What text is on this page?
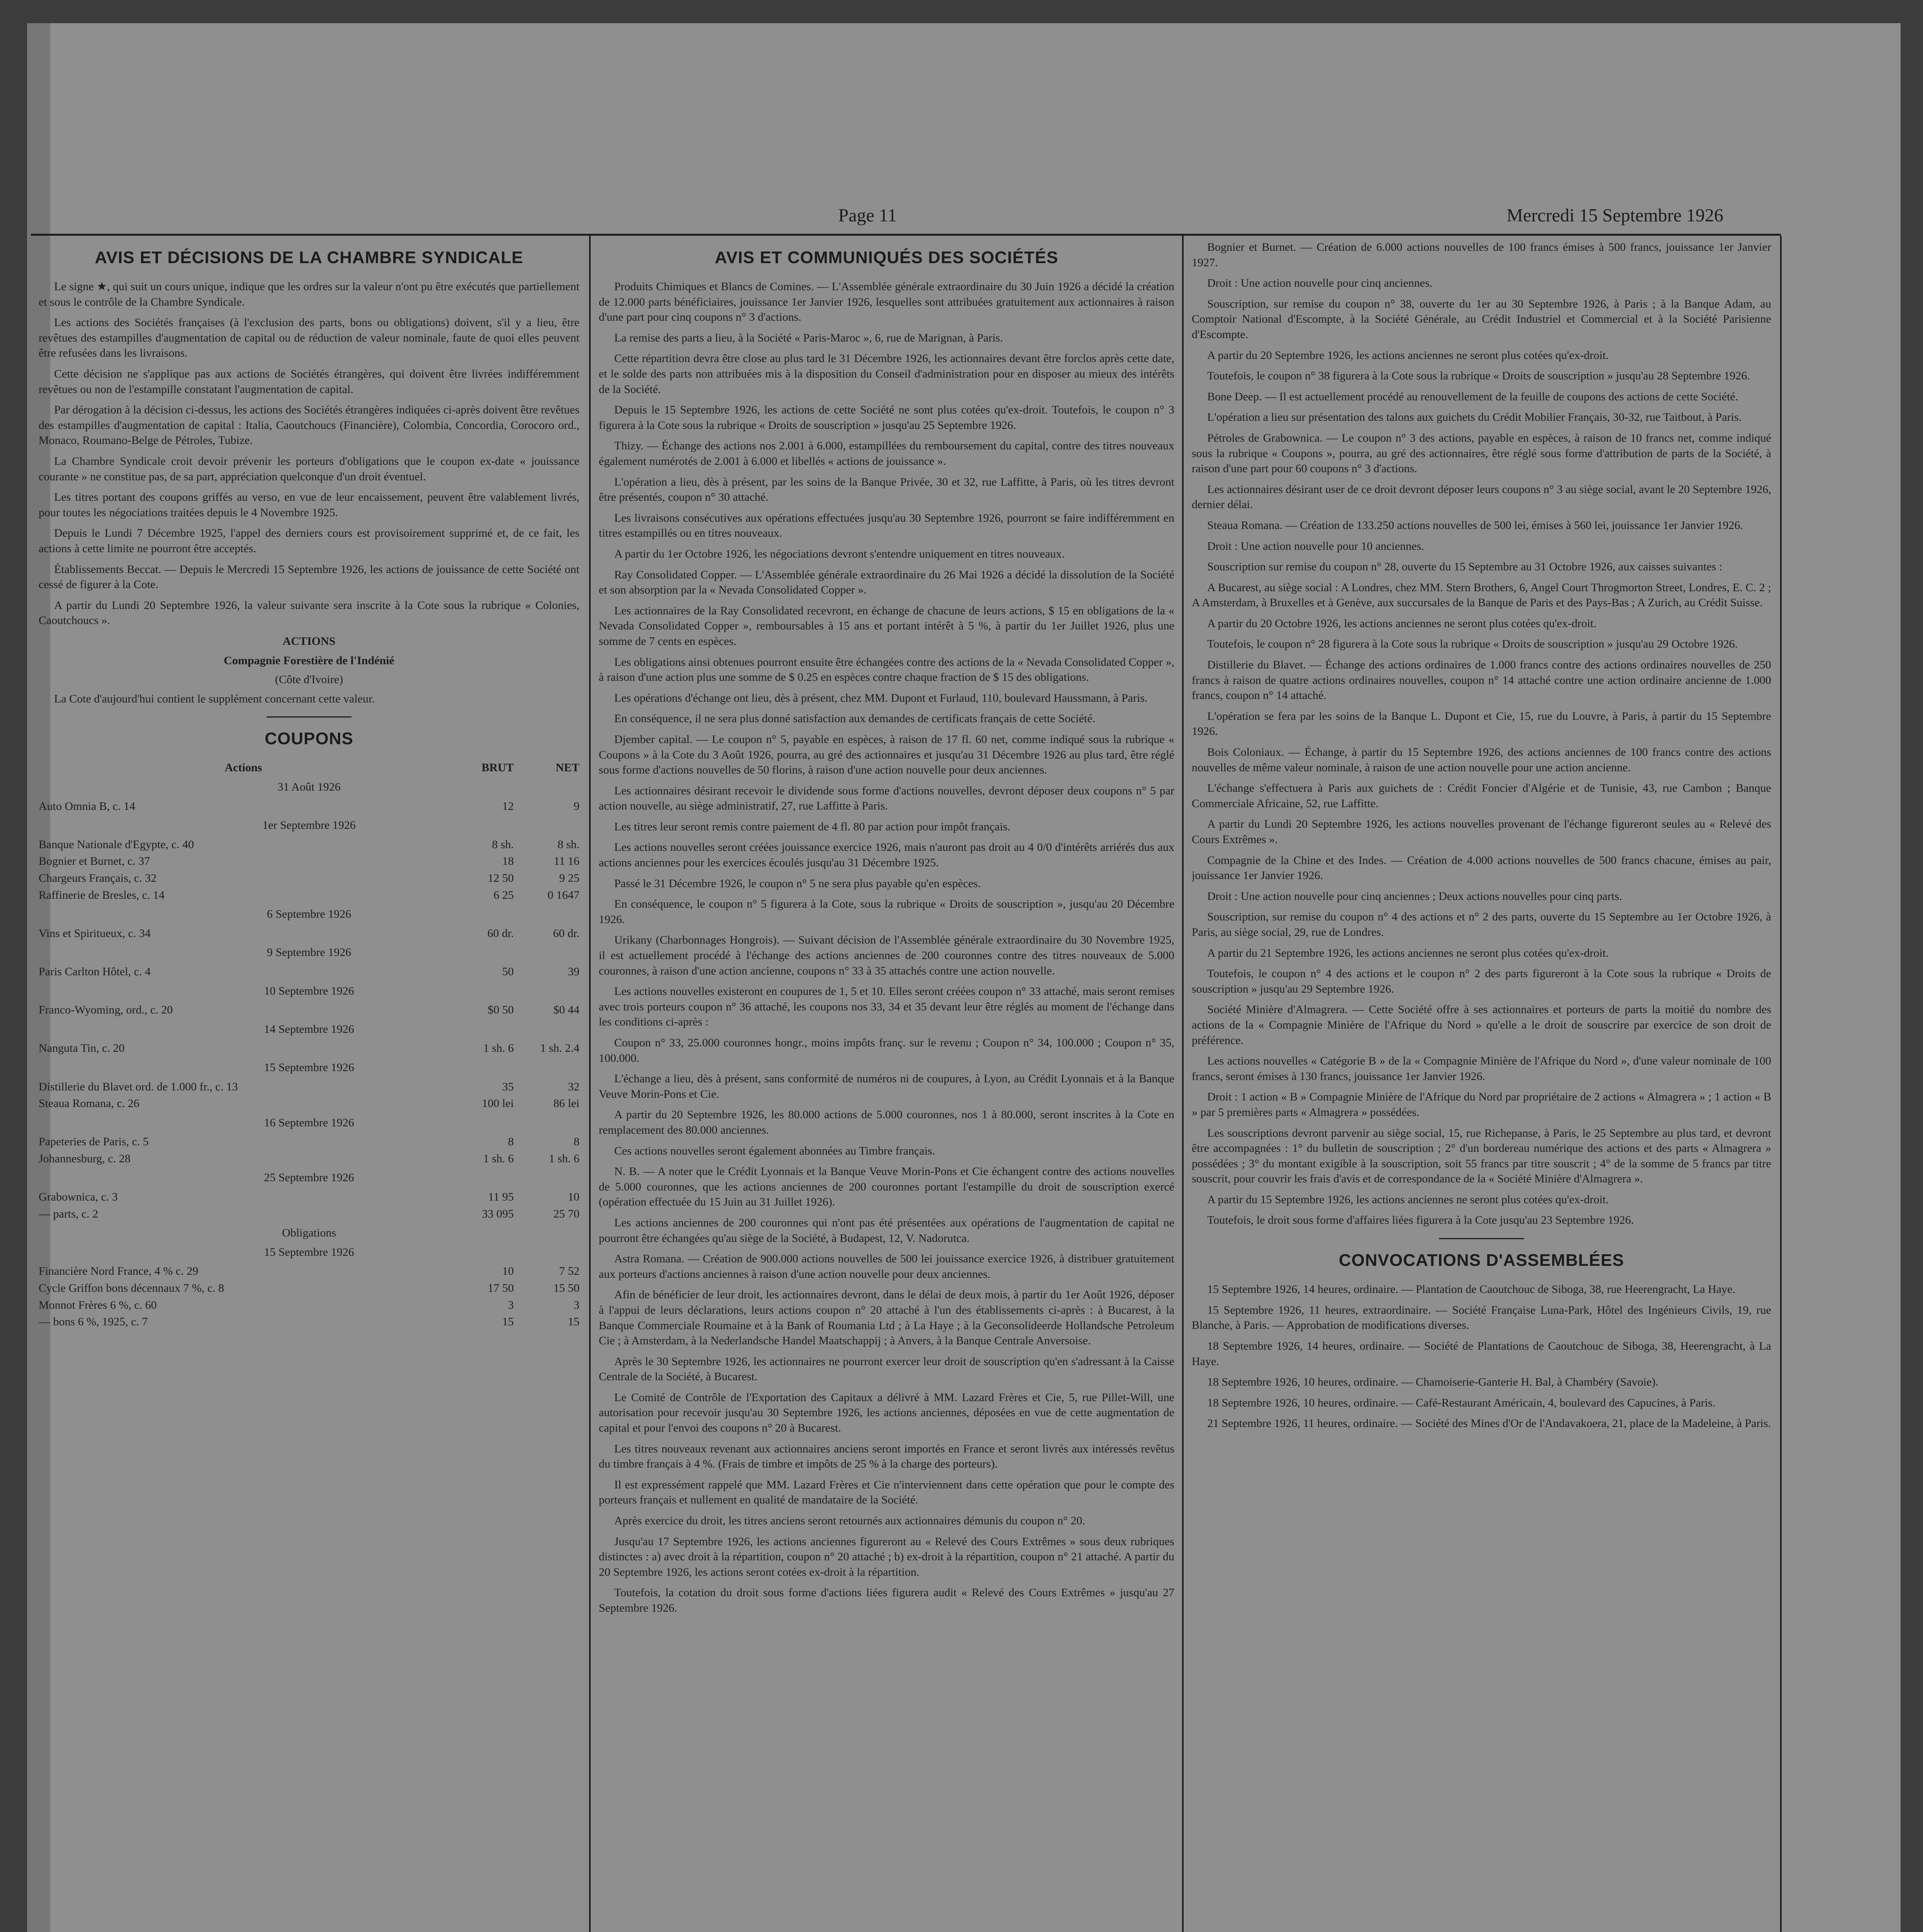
Page 11	Mercredi 15 Septembre 1926
AVIS ET DÉCISIONS DE LA CHAMBRE SYNDICALE

Le signe ★, qui suit un cours unique, indique que les ordres sur la valeur n'ont pu être exécutés que partiellement et sous le contrôle de la Chambre Syndicale.

Les actions des Sociétés françaises (à l'exclusion des parts, bons ou obligations) doivent, s'il y a lieu, être revêtues des estampilles d'augmentation de capital ou de réduction de valeur nominale, faute de quoi elles peuvent être refusées dans les livraisons.

Cette décision ne s'applique pas aux actions de Sociétés étrangères, qui doivent être livrées indifféremment revêtues ou non de l'estampille constatant l'augmentation de capital.

Par dérogation à la décision ci-dessus, les actions des Sociétés étrangères indiquées ci-après doivent être revêtues des estampilles d'augmentation de capital : Italia, Caoutchoucs (Financière), Colombia, Concordia, Corocoro ord., Monaco, Roumano-Belge de Pétroles, Tubize.

La Chambre Syndicale croit devoir prévenir les porteurs d'obligations que le coupon ex-date « jouissance courante » ne constitue pas, de sa part, appréciation quelconque d'un droit éventuel.

Les titres portant des coupons griffés au verso, en vue de leur encaissement, peuvent être valablement livrés, pour toutes les négociations traitées depuis le 4 Novembre 1925.

Depuis le Lundi 7 Décembre 1925, l'appel des derniers cours est provisoirement supprimé et, de ce fait, les actions à cette limite ne pourront être acceptés.

Établissements Beccat. — Depuis le Mercredi 15 Septembre 1926, les actions de jouissance de cette Société ont cessé de figurer à la Cote.

A partir du Lundi 20 Septembre 1926, la valeur suivante sera inscrite à la Cote sous la rubrique « Colonies, Caoutchoucs ».

ACTIONS
Compagnie Forestière de l'Indénié
(Côte d'Ivoire)
La Cote d'aujourd'hui contient le supplément concernant cette valeur.
COUPONS
Actions	BRUT	NET
31 Août 1926
Auto Omnia B, c. 14	12	9
1er Septembre 1926
Banque Nationale d'Egypte, c. 40	8 sh.	8 sh.
Bognier et Burnet, c. 37	18	11 16
Chargeurs Français, c. 32	12 50	9 25
Raffinerie de Bresles, c. 14	6 25	0 1647
6 Septembre 1926
Vins et Spiritueux, c. 34	60 dr.	60 dr.
9 Septembre 1926
Paris Carlton Hôtel, c. 4	50	39
10 Septembre 1926
Franco-Wyoming, ord., c. 20	$0 50	$0 44
14 Septembre 1926
Nanguta Tin, c. 20	1 sh. 6	1 sh. 2.4
15 Septembre 1926
Distillerie du Blavet ord. de 1.000 fr., c. 13	35	32
Steaua Romana, c. 26	100 lei	86 lei
16 Septembre 1926
Papeteries de Paris, c. 5	8	8
Johannesburg, c. 28	1 sh. 6	1 sh. 6
25 Septembre 1926
Grabownica, c. 3	11 95	10
— parts, c. 2	33 095	25 70
Obligations
15 Septembre 1926
Financière Nord France, 4 % c. 29	10	7 52
Cycle Griffon bons décennaux 7 %, c. 8	17 50	15 50
Monnot Frères 6 %, c. 60	3	3
— bons 6 %, 1925, c. 7	15	15
AVIS ET COMMUNIQUÉS DES SOCIÉTÉS

Produits Chimiques et Blancs de Comines. — L'Assemblée générale extraordinaire du 30 Juin 1926 a décidé la création de 12.000 parts bénéficiaires, jouissance 1er Janvier 1926, lesquelles sont attribuées gratuitement aux actionnaires à raison d'une part pour cinq coupons n° 3 d'actions.

La remise des parts a lieu, à la Société « Paris-Maroc », 6, rue de Marignan, à Paris.

Cette répartition devra être close au plus tard le 31 Décembre 1926, les actionnaires devant être forclos après cette date, et le solde des parts non attribuées mis à la disposition du Conseil d'administration pour en disposer au mieux des intérêts de la Société.

Depuis le 15 Septembre 1926, les actions de cette Société ne sont plus cotées qu'ex-droit. Toutefois, le coupon n° 3 figurera à la Cote sous la rubrique « Droits de souscription » jusqu'au 25 Septembre 1926.

Thizy. — Échange des actions nos 2.001 à 6.000, estampillées du remboursement du capital, contre des titres nouveaux également numérotés de 2.001 à 6.000 et libellés « actions de jouissance ».

L'opération a lieu, dès à présent, par les soins de la Banque Privée, 30 et 32, rue Laffitte, à Paris, où les titres devront être présentés, coupon n° 30 attaché.

Les livraisons consécutives aux opérations effectuées jusqu'au 30 Septembre 1926, pourront se faire indifféremment en titres estampillés ou en titres nouveaux.

A partir du 1er Octobre 1926, les négociations devront s'entendre uniquement en titres nouveaux.

Ray Consolidated Copper. — L'Assemblée générale extraordinaire du 26 Mai 1926 a décidé la dissolution de la Société et son absorption par la « Nevada Consolidated Copper ».

Les actionnaires de la Ray Consolidated recevront, en échange de chacune de leurs actions, $ 15 en obligations de la « Nevada Consolidated Copper », remboursables à 15 ans et portant intérêt à 5 %, à partir du 1er Juillet 1926, plus une somme de 7 cents en espèces.

Les obligations ainsi obtenues pourront ensuite être échangées contre des actions de la « Nevada Consolidated Copper », à raison d'une action plus une somme de $ 0.25 en espèces contre chaque fraction de $ 15 des obligations.

Les opérations d'échange ont lieu, dès à présent, chez MM. Dupont et Furlaud, 110, boulevard Haussmann, à Paris.

En conséquence, il ne sera plus donné satisfaction aux demandes de certificats français de cette Société.

Djember capital. — Le coupon n° 5, payable en espèces, à raison de 17 fl. 60 net, comme indiqué sous la rubrique « Coupons » à la Cote du 3 Août 1926, pourra, au gré des actionnaires et jusqu'au 31 Décembre 1926 au plus tard, être réglé sous forme d'actions nouvelles de 50 florins, à raison d'une action nouvelle pour deux anciennes.

Les actionnaires désirant recevoir le dividende sous forme d'actions nouvelles, devront déposer deux coupons n° 5 par action nouvelle, au siège administratif, 27, rue Laffitte à Paris.

Les titres leur seront remis contre paiement de 4 fl. 80 par action pour impôt français.

Les actions nouvelles seront créées jouissance exercice 1926, mais n'auront pas droit au 4 0/0 d'intérêts arriérés dus aux actions anciennes pour les exercices écoulés jusqu'au 31 Décembre 1925.

Passé le 31 Décembre 1926, le coupon n° 5 ne sera plus payable qu'en espèces.

En conséquence, le coupon n° 5 figurera à la Cote, sous la rubrique « Droits de souscription », jusqu'au 20 Décembre 1926.

Urikany (Charbonnages Hongrois). — Suivant décision de l'Assemblée générale extraordinaire du 30 Novembre 1925, il est actuellement procédé à l'échange des actions anciennes de 200 couronnes contre des titres nouveaux de 5.000 couronnes, à raison d'une action ancienne, coupons n° 33 à 35 attachés contre une action nouvelle.

Les actions nouvelles existeront en coupures de 1, 5 et 10. Elles seront créées coupon n° 33 attaché, mais seront remises avec trois porteurs coupon n° 36 attaché, les coupons nos 33, 34 et 35 devant leur être réglés au moment de l'échange dans les conditions ci-après :

Coupon n° 33, 25.000 couronnes hongr., moins impôts franç. sur le revenu ; Coupon n° 34, 100.000 ; Coupon n° 35, 100.000.

L'échange a lieu, dès à présent, sans conformité de numéros ni de coupures, à Lyon, au Crédit Lyonnais et à la Banque Veuve Morin-Pons et Cie.

A partir du 20 Septembre 1926, les 80.000 actions de 5.000 couronnes, nos 1 à 80.000, seront inscrites à la Cote en remplacement des 80.000 anciennes.

Ces actions nouvelles seront également abonnées au Timbre français.

N. B. — A noter que le Crédit Lyonnais et la Banque Veuve Morin-Pons et Cie échangent contre des actions nouvelles de 5.000 couronnes, que les actions anciennes de 200 couronnes portant l'estampille du droit de souscription exercé (opération effectuée du 15 Juin au 31 Juillet 1926).

Les actions anciennes de 200 couronnes qui n'ont pas été présentées aux opérations de l'augmentation de capital ne pourront être échangées qu'au siège de la Société, à Budapest, 12, V. Nadorutca.

Astra Romana. — Création de 900.000 actions nouvelles de 500 lei jouissance exercice 1926, à distribuer gratuitement aux porteurs d'actions anciennes à raison d'une action nouvelle pour deux anciennes.

Afin de bénéficier de leur droit, les actionnaires devront, dans le délai de deux mois, à partir du 1er Août 1926, déposer à l'appui de leurs déclarations, leurs actions coupon n° 20 attaché à l'un des établissements ci-après : à Bucarest, à la Banque Commerciale Roumaine et à la Bank of Roumania Ltd ; à La Haye ; à la Geconsolideerde Hollandsche Petroleum Cie ; à Amsterdam, à la Nederlandsche Handel Maatschappij ; à Anvers, à la Banque Centrale Anversoise.

Après le 30 Septembre 1926, les actionnaires ne pourront exercer leur droit de souscription qu'en s'adressant à la Caisse Centrale de la Société, à Bucarest.

Le Comité de Contrôle de l'Exportation des Capitaux a délivré à MM. Lazard Frères et Cie, 5, rue Pillet-Will, une autorisation pour recevoir jusqu'au 30 Septembre 1926, les actions anciennes, déposées en vue de cette augmentation de capital et pour l'envoi des coupons n° 20 à Bucarest.

Les titres nouveaux revenant aux actionnaires anciens seront importés en France et seront livrés aux intéressés revêtus du timbre français à 4 %. (Frais de timbre et impôts de 25 % à la charge des porteurs).

Il est expressément rappelé que MM. Lazard Frères et Cie n'interviennent dans cette opération que pour le compte des porteurs français et nullement en qualité de mandataire de la Société.

Après exercice du droit, les titres anciens seront retournés aux actionnaires démunis du coupon n° 20.

Jusqu'au 17 Septembre 1926, les actions anciennes figureront au « Relevé des Cours Extrêmes » sous deux rubriques distinctes : a) avec droit à la répartition, coupon n° 20 attaché ; b) ex-droit à la répartition, coupon n° 21 attaché. A partir du 20 Septembre 1926, les actions seront cotées ex-droit à la répartition.

Toutefois, la cotation du droit sous forme d'actions liées figurera audit « Relevé des Cours Extrêmes » jusqu'au 27 Septembre 1926.

Bognier et Burnet. — Création de 6.000 actions nouvelles de 100 francs émises à 500 francs, jouissance 1er Janvier 1927.

Droit : Une action nouvelle pour cinq anciennes.

Souscription, sur remise du coupon n° 38, ouverte du 1er au 30 Septembre 1926, à Paris ; à la Banque Adam, au Comptoir National d'Escompte, à la Société Générale, au Crédit Industriel et Commercial et à la Société Parisienne d'Escompte.

A partir du 20 Septembre 1926, les actions anciennes ne seront plus cotées qu'ex-droit.

Toutefois, le coupon n° 38 figurera à la Cote sous la rubrique « Droits de souscription » jusqu'au 28 Septembre 1926.

Bone Deep. — Il est actuellement procédé au renouvellement de la feuille de coupons des actions de cette Société.

L'opération a lieu sur présentation des talons aux guichets du Crédit Mobilier Français, 30-32, rue Taitbout, à Paris.

Pétroles de Grabownica. — Le coupon n° 3 des actions, payable en espèces, à raison de 10 francs net, comme indiqué sous la rubrique « Coupons », pourra, au gré des actionnaires, être réglé sous forme d'attribution de parts de la Société, à raison d'une part pour 60 coupons n° 3 d'actions.

Les actionnaires désirant user de ce droit devront déposer leurs coupons n° 3 au siège social, avant le 20 Septembre 1926, dernier délai.

Steaua Romana. — Création de 133.250 actions nouvelles de 500 lei, émises à 560 lei, jouissance 1er Janvier 1926.

Droit : Une action nouvelle pour 10 anciennes.

Souscription sur remise du coupon n° 28, ouverte du 15 Septembre au 31 Octobre 1926, aux caisses suivantes :

A Bucarest, au siège social : A Londres, chez MM. Stern Brothers, 6, Angel Court Throgmorton Street, Londres, E. C. 2 ; A Amsterdam, à Bruxelles et à Genève, aux succursales de la Banque de Paris et des Pays-Bas ; A Zurich, au Crédit Suisse.

A partir du 20 Octobre 1926, les actions anciennes ne seront plus cotées qu'ex-droit.

Toutefois, le coupon n° 28 figurera à la Cote sous la rubrique « Droits de souscription » jusqu'au 29 Octobre 1926.

Distillerie du Blavet. — Échange des actions ordinaires de 1.000 francs contre des actions ordinaires nouvelles de 250 francs à raison de quatre actions ordinaires nouvelles, coupon n° 14 attaché contre une action ordinaire ancienne de 1.000 francs, coupon n° 14 attaché.

L'opération se fera par les soins de la Banque L. Dupont et Cie, 15, rue du Louvre, à Paris, à partir du 15 Septembre 1926.

Bois Coloniaux. — Échange, à partir du 15 Septembre 1926, des actions anciennes de 100 francs contre des actions nouvelles de même valeur nominale, à raison de une action nouvelle pour une action ancienne.

L'échange s'effectuera à Paris aux guichets de : Crédit Foncier d'Algérie et de Tunisie, 43, rue Cambon ; Banque Commerciale Africaine, 52, rue Laffitte.

A partir du Lundi 20 Septembre 1926, les actions nouvelles provenant de l'échange figureront seules au « Relevé des Cours Extrêmes ».

Compagnie de la Chine et des Indes. — Création de 4.000 actions nouvelles de 500 francs chacune, émises au pair, jouissance 1er Janvier 1926.

Droit : Une action nouvelle pour cinq anciennes ; Deux actions nouvelles pour cinq parts.

Souscription, sur remise du coupon n° 4 des actions et n° 2 des parts, ouverte du 15 Septembre au 1er Octobre 1926, à Paris, au siège social, 29, rue de Londres.

A partir du 21 Septembre 1926, les actions anciennes ne seront plus cotées qu'ex-droit.

Toutefois, le coupon n° 4 des actions et le coupon n° 2 des parts figureront à la Cote sous la rubrique « Droits de souscription » jusqu'au 29 Septembre 1926.

Société Minière d'Almagrera. — Cette Société offre à ses actionnaires et porteurs de parts la moitié du nombre des actions de la « Compagnie Minière de l'Afrique du Nord » qu'elle a le droit de souscrire par exercice de son droit de préférence.

Les actions nouvelles « Catégorie B » de la « Compagnie Minière de l'Afrique du Nord », d'une valeur nominale de 100 francs, seront émises à 130 francs, jouissance 1er Janvier 1926.

Droit : 1 action « B » Compagnie Minière de l'Afrique du Nord par propriétaire de 2 actions « Almagrera » ; 1 action « B » par 5 premières parts « Almagrera » possédées.

Les souscriptions devront parvenir au siège social, 15, rue Richepanse, à Paris, le 25 Septembre au plus tard, et devront être accompagnées : 1° du bulletin de souscription ; 2° d'un bordereau numérique des actions et des parts « Almagrera » possédées ; 3° du montant exigible à la souscription, soit 55 francs par titre souscrit ; 4° de la somme de 5 francs par titre souscrit, pour couvrir les frais d'avis et de correspondance de la « Société Minière d'Almagrera ».

A partir du 15 Septembre 1926, les actions anciennes ne seront plus cotées qu'ex-droit.

Toutefois, le droit sous forme d'affaires liées figurera à la Cote jusqu'au 23 Septembre 1926.

CONVOCATIONS D'ASSEMBLÉES

15 Septembre 1926, 14 heures, ordinaire. — Plantation de Caoutchouc de Siboga, 38, rue Heerengracht, La Haye.

15 Septembre 1926, 11 heures, extraordinaire. — Société Française Luna-Park, Hôtel des Ingénieurs Civils, 19, rue Blanche, à Paris. — Approbation de modifications diverses.

18 Septembre 1926, 14 heures, ordinaire. — Société de Plantations de Caoutchouc de Siboga, 38, Heerengracht, à La Haye.

18 Septembre 1926, 10 heures, ordinaire. — Chamoiserie-Ganterie H. Bal, à Chambéry (Savoie).

18 Septembre 1926, 10 heures, ordinaire. — Café-Restaurant Américain, 4, boulevard des Capucines, à Paris.

21 Septembre 1926, 11 heures, ordinaire. — Société des Mines d'Or de l'Andavakoera, 21, place de la Madeleine, à Paris.
